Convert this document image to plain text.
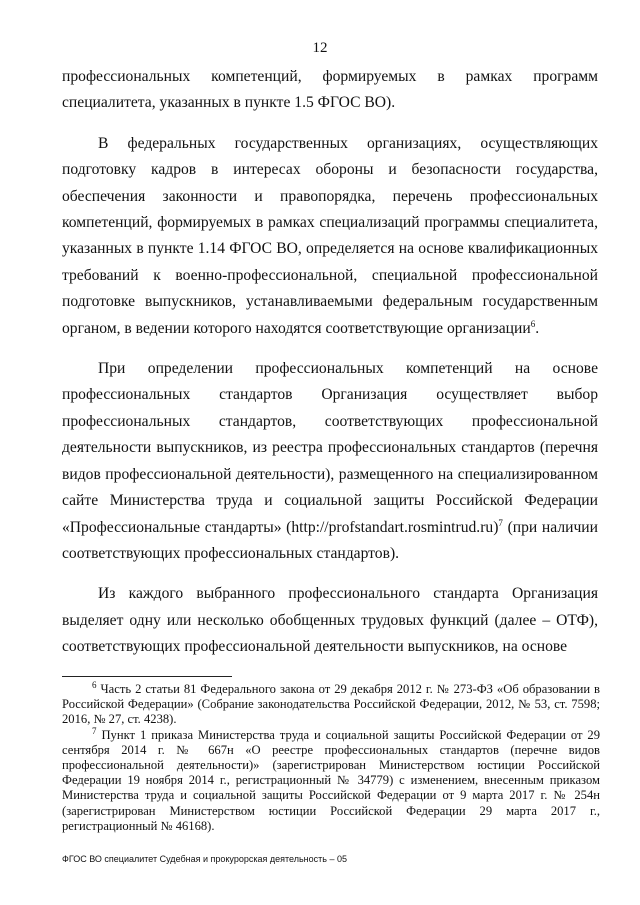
12

профессиональных компетенций, формируемых в рамках программ специалитета, указанных в пункте 1.5 ФГОС ВО).

В федеральных государственных организациях, осуществляющих подготовку кадров в интересах обороны и безопасности государства, обеспечения законности и правопорядка, перечень профессиональных компетенций, формируемых в рамках специализаций программы специалитета, указанных в пункте 1.14 ФГОС ВО, определяется на основе квалификационных требований к военно-профессиональной, специальной профессиональной подготовке выпускников, устанавливаемыми федеральным государственным органом, в ведении которого находятся соответствующие организации$^6$.

При определении профессиональных компетенций на основе профессиональных стандартов Организация осуществляет выбор профессиональных стандартов, соответствующих профессиональной деятельности выпускников, из реестра профессиональных стандартов (перечня видов профессиональной деятельности), размещенного на специализированном сайте Министерства труда и социальной защиты Российской Федерации «Профессиональные стандарты» (http://profstandart.rosmintrud.ru)$^7$ (при наличии соответствующих профессиональных стандартов).

Из каждого выбранного профессионального стандарта Организация выделяет одну или несколько обобщенных трудовых функций (далее – ОТФ), соответствующих профессиональной деятельности выпускников, на основе

$^6$ Часть 2 статьи 81 Федерального закона от 29 декабря 2012 г. № 273-ФЗ «Об образовании в Российской Федерации» (Собрание законодательства Российской Федерации, 2012, № 53, ст. 7598; 2016, № 27, ст. 4238).

$^7$ Пункт 1 приказа Министерства труда и социальной защиты Российской Федерации от 29 сентября 2014 г. № 667н «О реестре профессиональных стандартов (перечне видов профессиональной деятельности)» (зарегистрирован Министерством юстиции Российской Федерации 19 ноября 2014 г., регистрационный № 34779) с изменением, внесенным приказом Министерства труда и социальной защиты Российской Федерации от 9 марта 2017 г. № 254н (зарегистрирован Министерством юстиции Российской Федерации 29 марта 2017 г., регистрационный № 46168).

ФГОС ВО специалитет Судебная и прокурорская деятельность – 05
